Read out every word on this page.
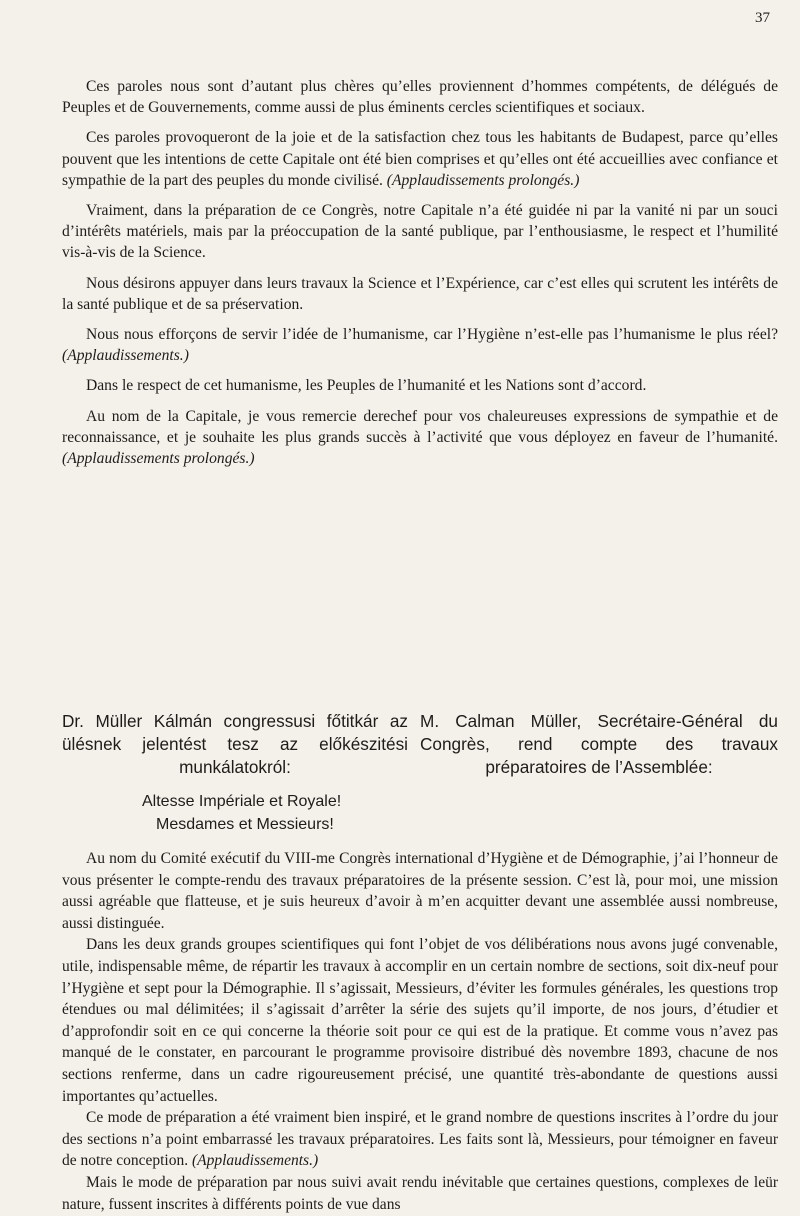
37

Ces paroles nous sont d’autant plus chères qu’elles proviennent d’hommes compétents, de délégués de Peuples et de Gouvernements, comme aussi de plus éminents cercles scientifiques et sociaux.

Ces paroles provoqueront de la joie et de la satisfaction chez tous les habitants de Budapest, parce qu’elles pouvent que les intentions de cette Capitale ont été bien comprises et qu’elles ont été accueillies avec confiance et sympathie de la part des peuples du monde civilisé. (Applaudissements prolongés.)

Vraiment, dans la préparation de ce Congrès, notre Capitale n’a été guidée ni par la vanité ni par un souci d’intérêts matériels, mais par la préoccupation de la santé publique, par l’enthousiasme, le respect et l’humilité vis-à-vis de la Science.

Nous désirons appuyer dans leurs travaux la Science et l’Expérience, car c’est elles qui scrutent les intérêts de la santé publique et de sa préservation.

Nous nous efforçons de servir l’idée de l’humanisme, car l’Hygiène n’est-elle pas l’humanisme le plus réel? (Applaudissements.)

Dans le respect de cet humanisme, les Peuples de l’humanité et les Nations sont d’accord.

Au nom de la Capitale, je vous remercie derechef pour vos chaleureuses expressions de sympathie et de reconnaissance, et je souhaite les plus grands succès à l’activité que vous déployez en faveur de l’humanité. (Applaudissements prolongés.)

Dr. Müller Kálmán congressusi főtitkár az ülésnek jelentést tesz az előkészitési munkálatokról:
M. Calman Müller, Secrétaire-Général du Congrès, rend compte des travaux préparatoires de l’Assemblée:
Altesse Impériale et Royale!
Mesdames et Messieurs!

Au nom du Comité exécutif du VIII-me Congrès international d’Hygiène et de Démographie, j’ai l’honneur de vous présenter le compte-rendu des travaux préparatoires de la présente session. C’est là, pour moi, une mission aussi agréable que flatteuse, et je suis heureux d’avoir à m’en acquitter devant une assemblée aussi nombreuse, aussi distinguée.

Dans les deux grands groupes scientifiques qui font l’objet de vos délibérations nous avons jugé convenable, utile, indispensable même, de répartir les travaux à accomplir en un certain nombre de sections, soit dix-neuf pour l’Hygiène et sept pour la Démographie. Il s’agissait, Messieurs, d’éviter les formules générales, les questions trop étendues ou mal délimitées; il s’agissait d’arrêter la série des sujets qu’il importe, de nos jours, d’étudier et d’approfondir soit en ce qui concerne la théorie soit pour ce qui est de la pratique. Et comme vous n’avez pas manqué de le constater, en parcourant le programme provisoire distribué dès novembre 1893, chacune de nos sections renferme, dans un cadre rigoureusement précisé, une quantité très-abondante de questions aussi importantes qu’actuelles.

Ce mode de préparation a été vraiment bien inspiré, et le grand nombre de questions inscrites à l’ordre du jour des sections n’a point embarrassé les travaux préparatoires. Les faits sont là, Messieurs, pour témoigner en faveur de notre conception. (Applaudissements.)

Mais le mode de préparation par nous suivi avait rendu inévitable que certaines questions, complexes de leür nature, fussent inscrites à différents points de vue dans
